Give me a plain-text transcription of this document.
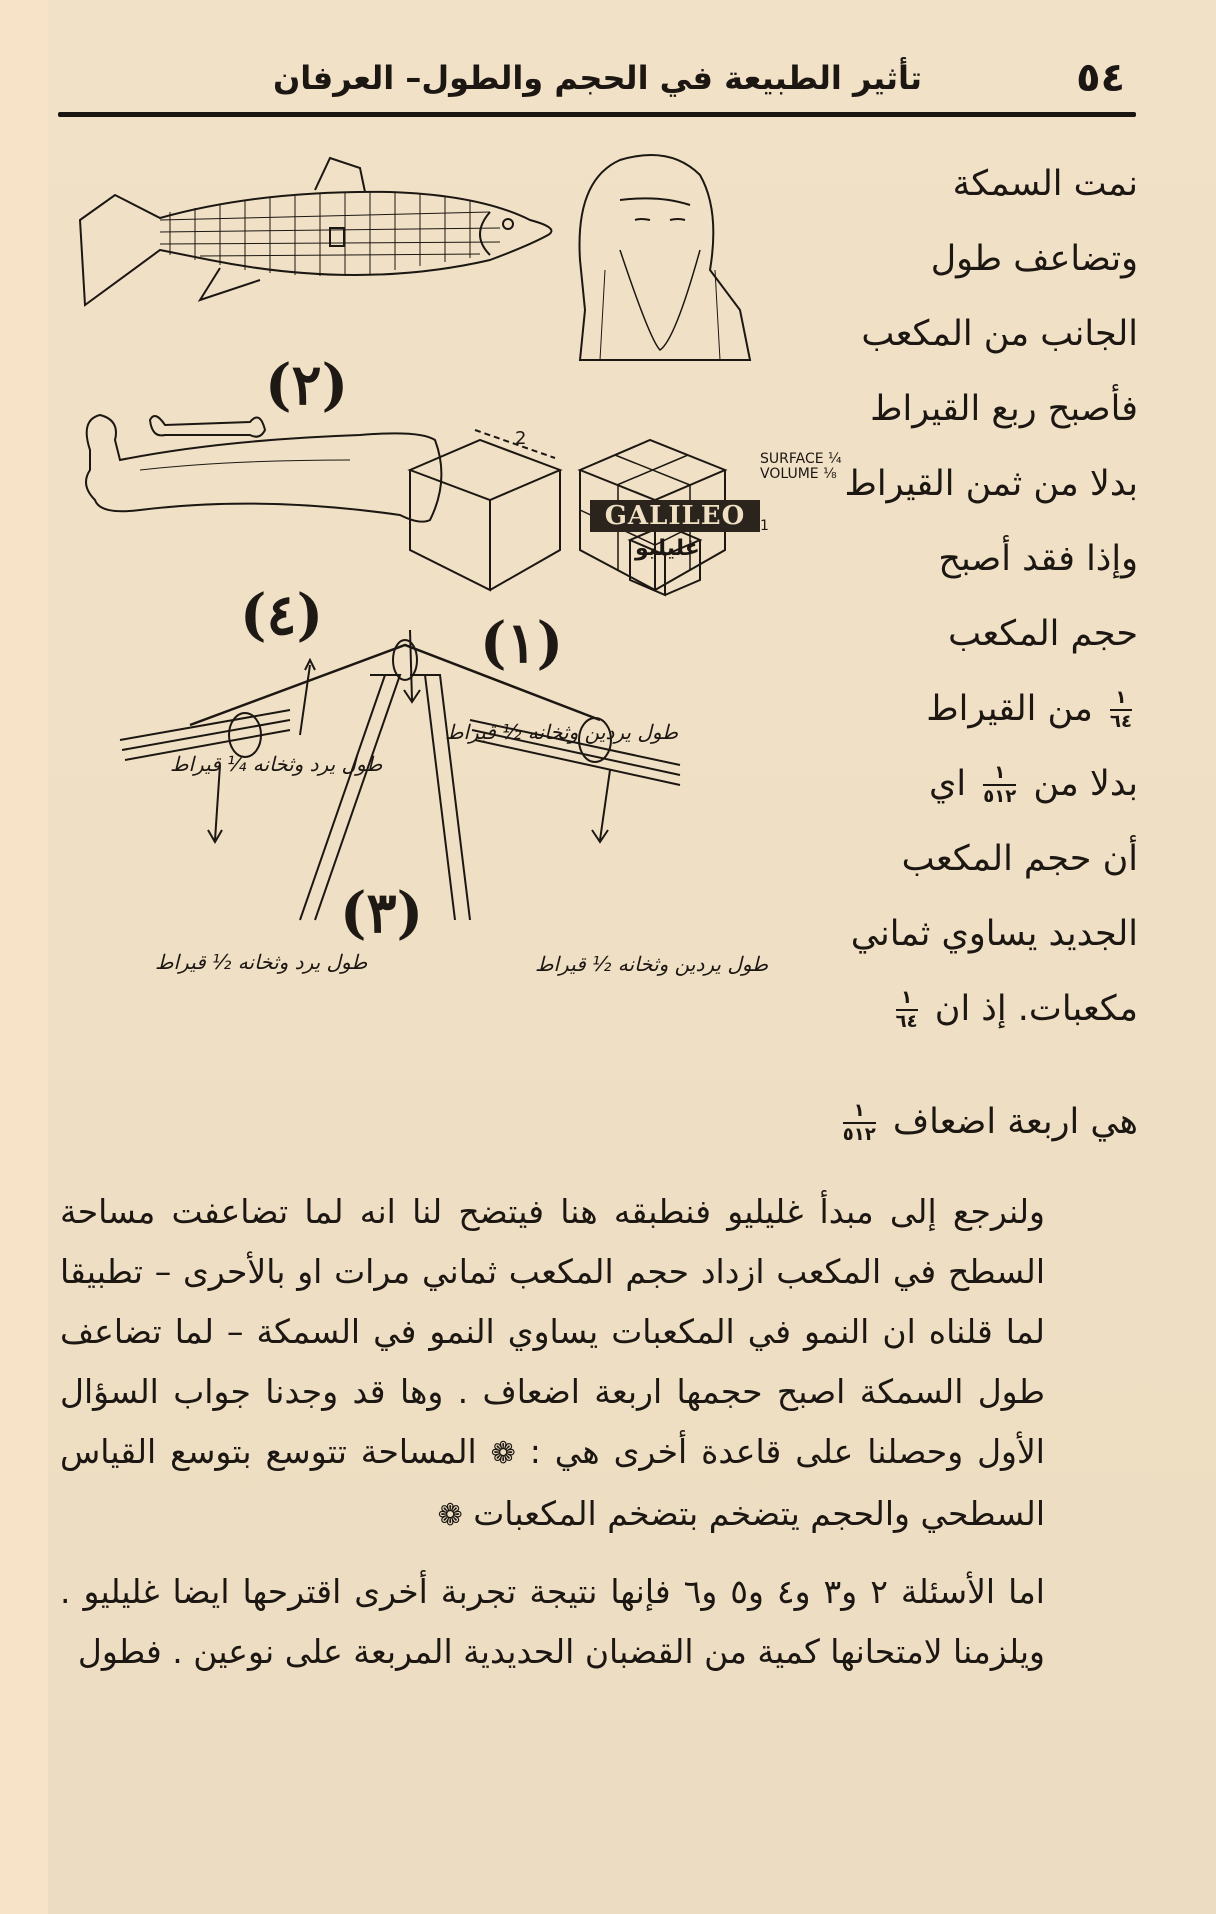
٥٤
تأثير الطبيعة في الحجم والطول– العرفان
(٢)
(١)
(٤)
(٣)
GALILEO
غليليو
SURFACE ¼
VOLUME ⅛
2
1
طول يرد وثخانه ¼ قيراط
طول يردين وثخانه ½ قيراط
طول يرد وثخانه ½ قيراط	طول يردين وثخانه ½ قيراط
نمت السمكة
وتضاعف طول
الجانب من المكعب
فأصبح ربع القيراط
بدلا من ثمن القيراط
وإذا فقد أصبح
حجم المكعب
$\frac{١}{٦٤}$
من القيراط
بدلا من
$\frac{١}{٥١٢}$
اي
أن حجم المكعب
الجديد يساوي ثماني
مكعبات. إذ ان
$\frac{١}{٦٤}$
هي اربعة اضعاف
$\frac{١}{٥١٢}$

ولنرجع إلى مبدأ غليليو فنطبقه هنا فيتضح لنا انه لما تضاعفت مساحة السطح في المكعب ازداد حجم المكعب ثماني مرات او بالأحرى – تطبيقا لما قلناه ان النمو في المكعبات يساوي النمو في السمكة – لما تضاعف طول السمكة اصبح حجمها اربعة اضعاف . وها قد وجدنا جواب السؤال الأول وحصلنا على قاعدة أخرى هي : ❁ المساحة تتوسع بتوسع القياس السطحي والحجم يتضخم بتضخم المكعبات ❁

اما الأسئلة ٢ و٣ و٤ و٥ و٦ فإنها نتيجة تجربة أخرى اقترحها ايضا غليليو . ويلزمنا لامتحانها كمية من القضبان الحديدية المربعة على نوعين . فطول
